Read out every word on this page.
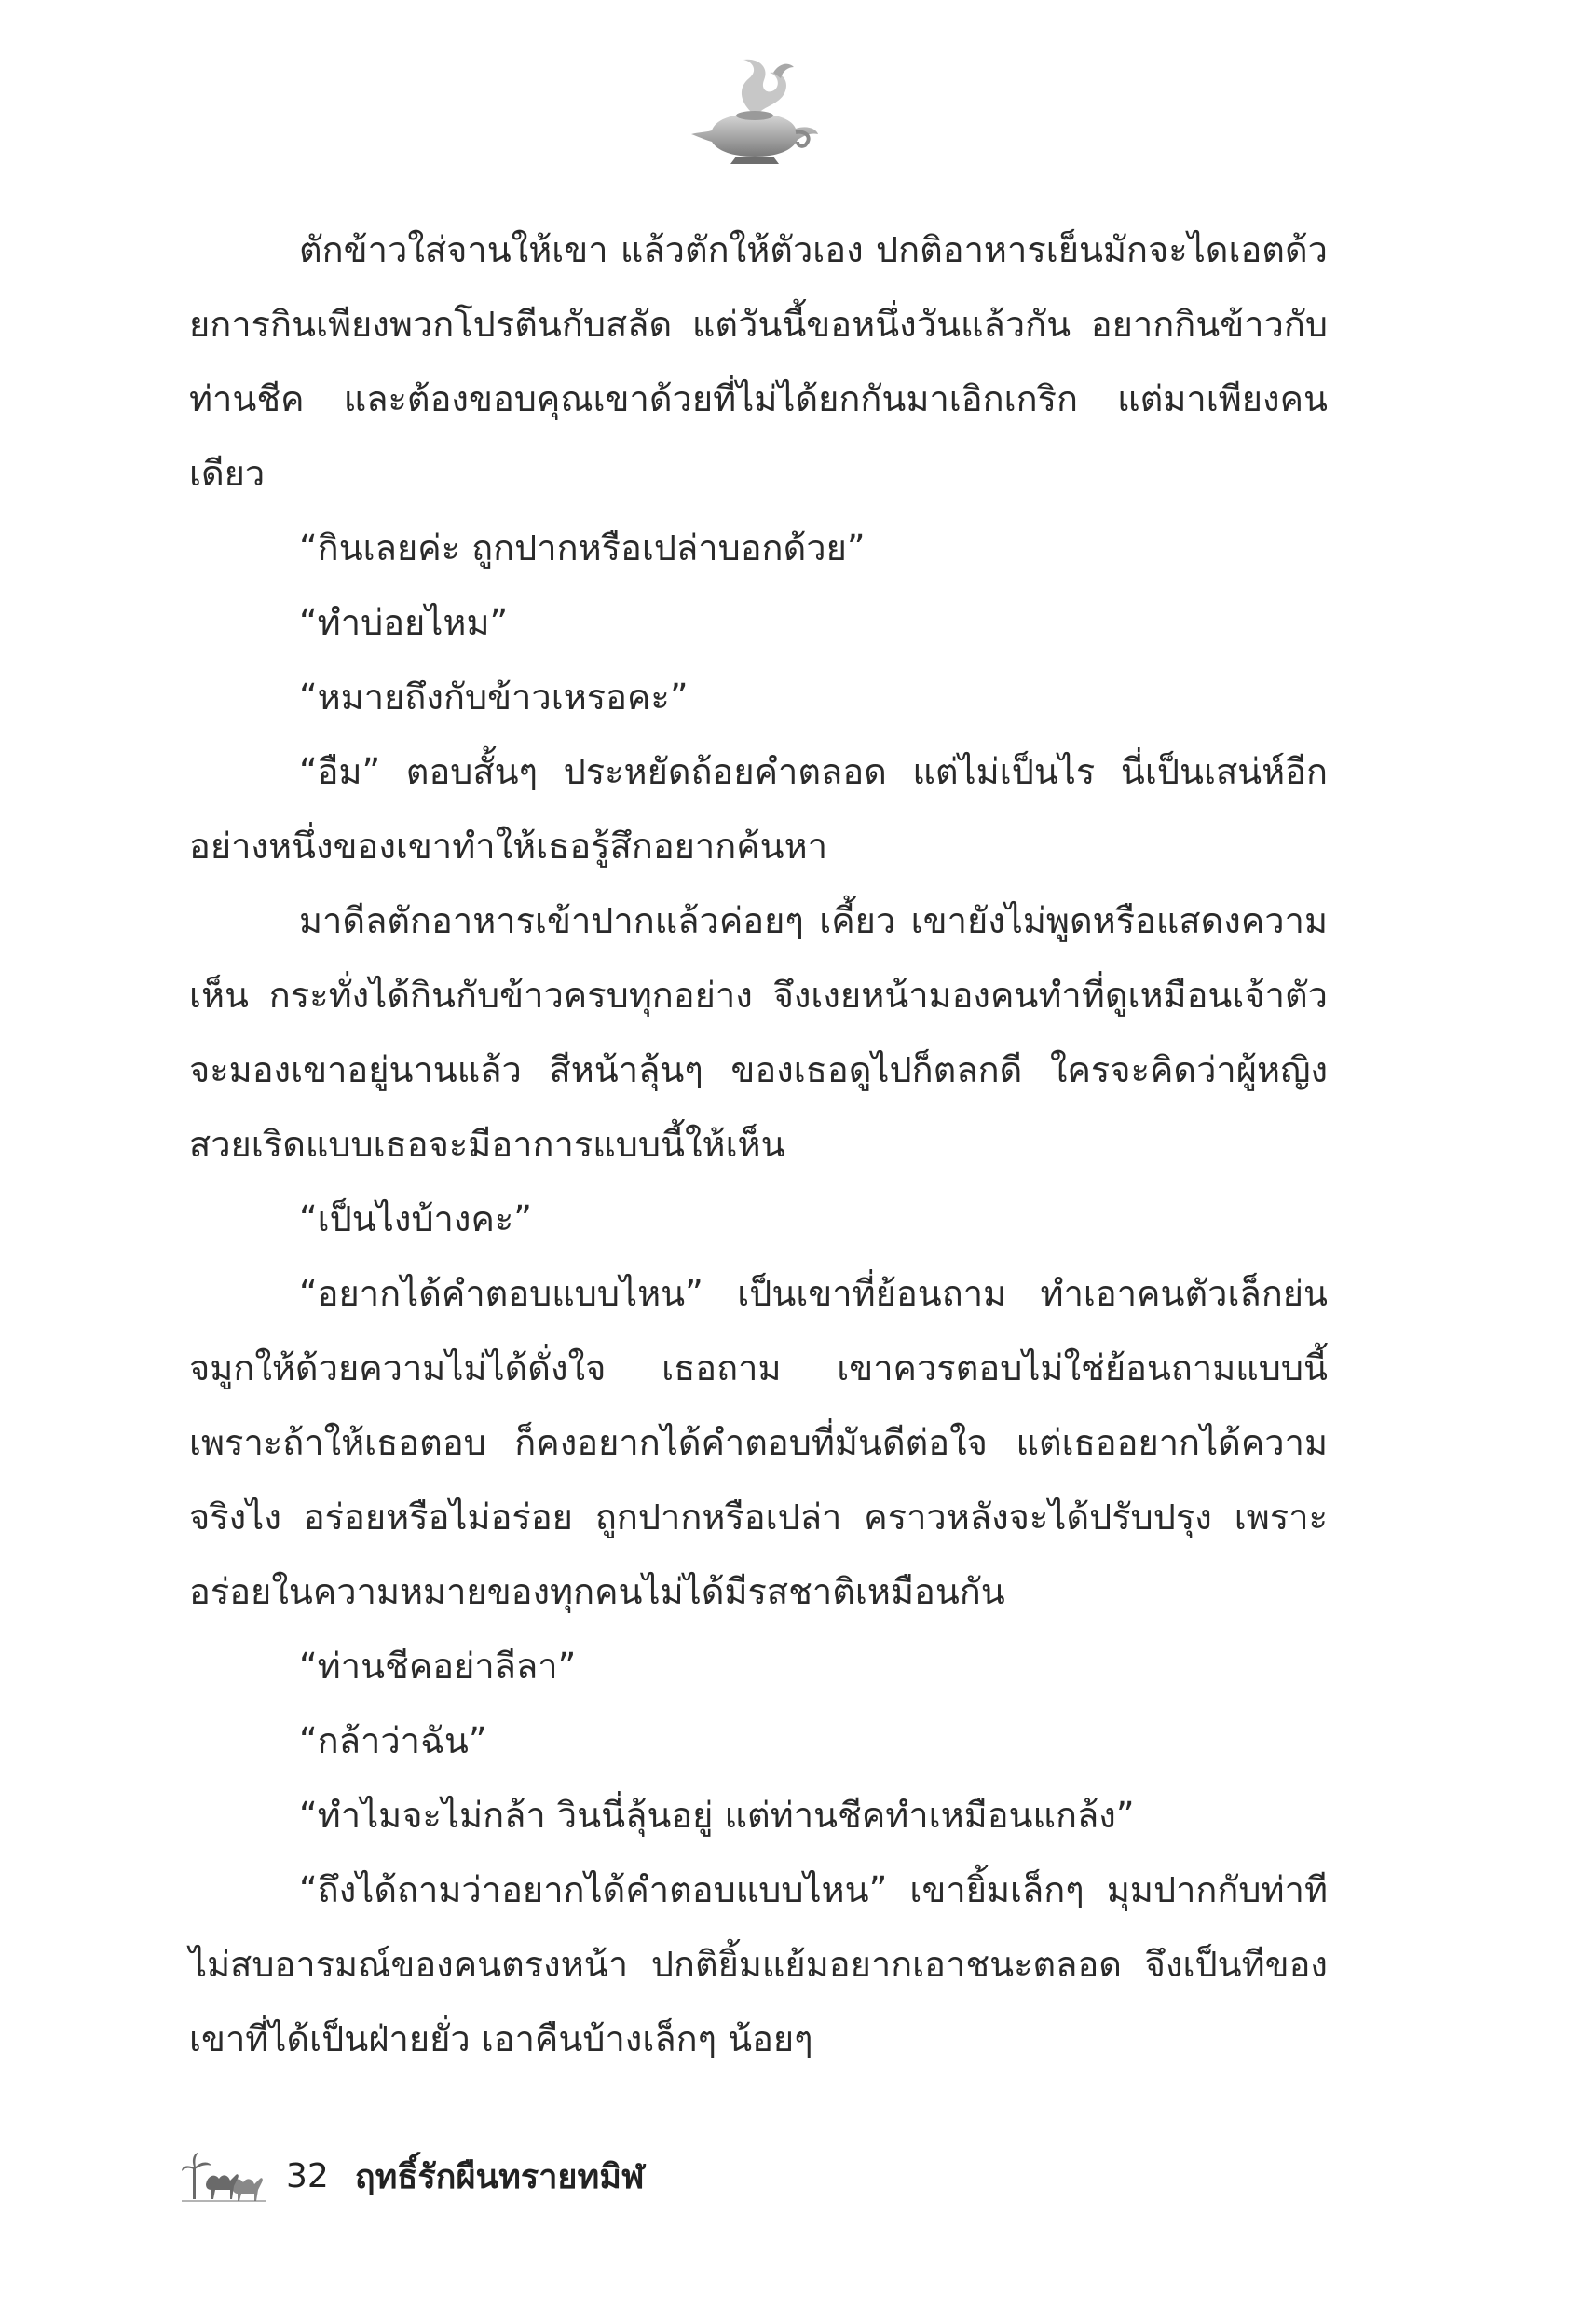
ตักข้าวใส่จานให้เขา แล้วตักให้ตัวเอง ปกติอาหารเย็นมักจะไดเอตด้วยการกินเพียงพวกโปรตีนกับสลัด แต่วันนี้ขอหนึ่งวันแล้วกัน อยากกินข้าวกับท่านชีค และต้องขอบคุณเขาด้วยที่ไม่ได้ยกกันมาเอิกเกริก แต่มาเพียงคนเดียว

“กินเลยค่ะ ถูกปากหรือเปล่าบอกด้วย”

“ทำบ่อยไหม”

“หมายถึงกับข้าวเหรอคะ”

“อืม” ตอบสั้นๆ ประหยัดถ้อยคำตลอด แต่ไม่เป็นไร นี่เป็นเสน่ห์อีกอย่างหนึ่งของเขาทำให้เธอรู้สึกอยากค้นหา

มาดีลตักอาหารเข้าปากแล้วค่อยๆ เคี้ยว เขายังไม่พูดหรือแสดงความเห็น กระทั่งได้กินกับข้าวครบทุกอย่าง จึงเงยหน้ามองคนทำที่ดูเหมือนเจ้าตัวจะมองเขาอยู่นานแล้ว สีหน้าลุ้นๆ ของเธอดูไปก็ตลกดี ใครจะคิดว่าผู้หญิงสวยเริดแบบเธอจะมีอาการแบบนี้ให้เห็น

“เป็นไงบ้างคะ”

“อยากได้คำตอบแบบไหน” เป็นเขาที่ย้อนถาม ทำเอาคนตัวเล็กย่นจมูกให้ด้วยความไม่ได้ดั่งใจ เธอถาม เขาควรตอบไม่ใช่ย้อนถามแบบนี้ เพราะถ้าให้เธอตอบ ก็คงอยากได้คำตอบที่มันดีต่อใจ แต่เธออยากได้ความจริงไง อร่อยหรือไม่อร่อย ถูกปากหรือเปล่า คราวหลังจะได้ปรับปรุง เพราะอร่อยในความหมายของทุกคนไม่ได้มีรสชาติเหมือนกัน

“ท่านชีคอย่าลีลา”

“กล้าว่าฉัน”

“ทำไมจะไม่กล้า วินนี่ลุ้นอยู่ แต่ท่านชีคทำเหมือนแกล้ง”

“ถึงได้ถามว่าอยากได้คำตอบแบบไหน” เขายิ้มเล็กๆ มุมปากกับท่าทีไม่สบอารมณ์ของคนตรงหน้า ปกติยิ้มแย้มอยากเอาชนะตลอด จึงเป็นทีของเขาที่ได้เป็นฝ่ายยั่ว เอาคืนบ้างเล็กๆ น้อยๆ

32 ฤทธิ์รักผืนทรายทมิฬ
